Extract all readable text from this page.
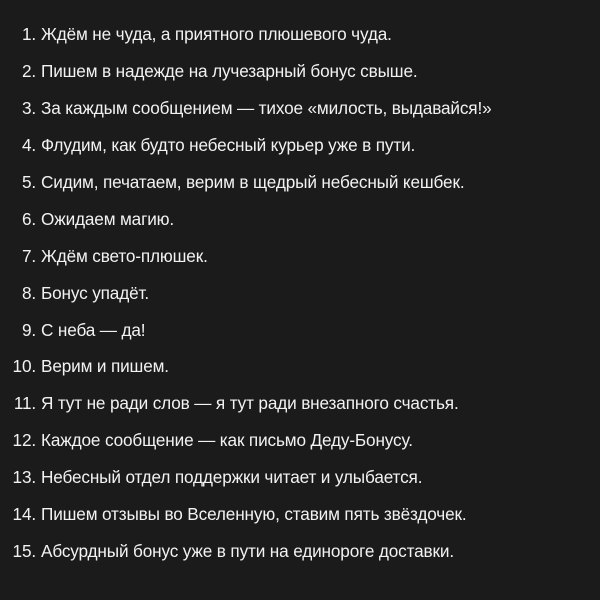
1. Ждём не чуда, а приятного плюшевого чуда.
2. Пишем в надежде на лучезарный бонус свыше.
3. За каждым сообщением — тихое «милость, выдавайся!»
4. Флудим, как будто небесный курьер уже в пути.
5. Сидим, печатаем, верим в щедрый небесный кешбек.
6. Ожидаем магию.
7. Ждём свето-плюшек.
8. Бонус упадёт.
9. С неба — да!
10. Верим и пишем.
11. Я тут не ради слов — я тут ради внезапного счастья.
12. Каждое сообщение — как письмо Деду-Бонусу.
13. Небесный отдел поддержки читает и улыбается.
14. Пишем отзывы во Вселенную, ставим пять звёздочек.
15. Абсурдный бонус уже в пути на единороге доставки.
